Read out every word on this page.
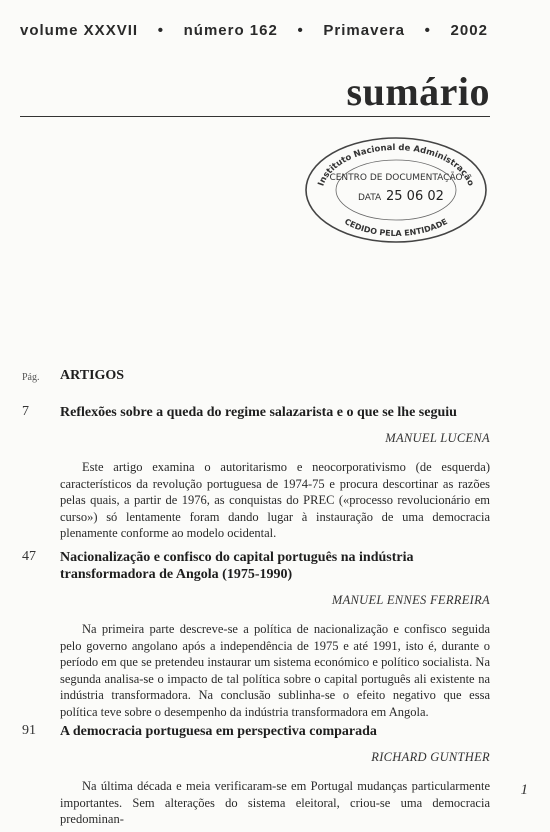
volume XXXVII • número 162 • Primavera • 2002
sumário
Instituto Nacional de Administração
CENTRO DE DOCUMENTAÇÃO
DATA 25 06 02
CEDIDO PELA ENTIDADE
Pág. ARTIGOS
7 Reflexões sobre a queda do regime salazarista e o que se lhe seguiu
MANUEL LUCENA
Este artigo examina o autoritarismo e neocorporativismo (de esquerda) característicos da revolução portuguesa de 1974-75 e procura descortinar as razões pelas quais, a partir de 1976, as conquistas do PREC («processo revolucionário em curso») só lentamente foram dando lugar à instauração de uma democracia plenamente conforme ao modelo ocidental.
47 Nacionalização e confisco do capital português na indústria transformadora de Angola (1975-1990)
MANUEL ENNES FERREIRA
Na primeira parte descreve-se a política de nacionalização e confisco seguida pelo governo angolano após a independência de 1975 e até 1991, isto é, durante o período em que se pretendeu instaurar um sistema económico e político socialista. Na segunda analisa-se o impacto de tal política sobre o capital português ali existente na indústria transformadora. Na conclusão sublinha-se o efeito negativo que essa política teve sobre o desempenho da indústria transformadora em Angola.
91 A democracia portuguesa em perspectiva comparada
RICHARD GUNTHER
Na última década e meia verificaram-se em Portugal mudanças particularmente importantes. Sem alterações do sistema eleitoral, criou-se uma democracia predominan-
1
